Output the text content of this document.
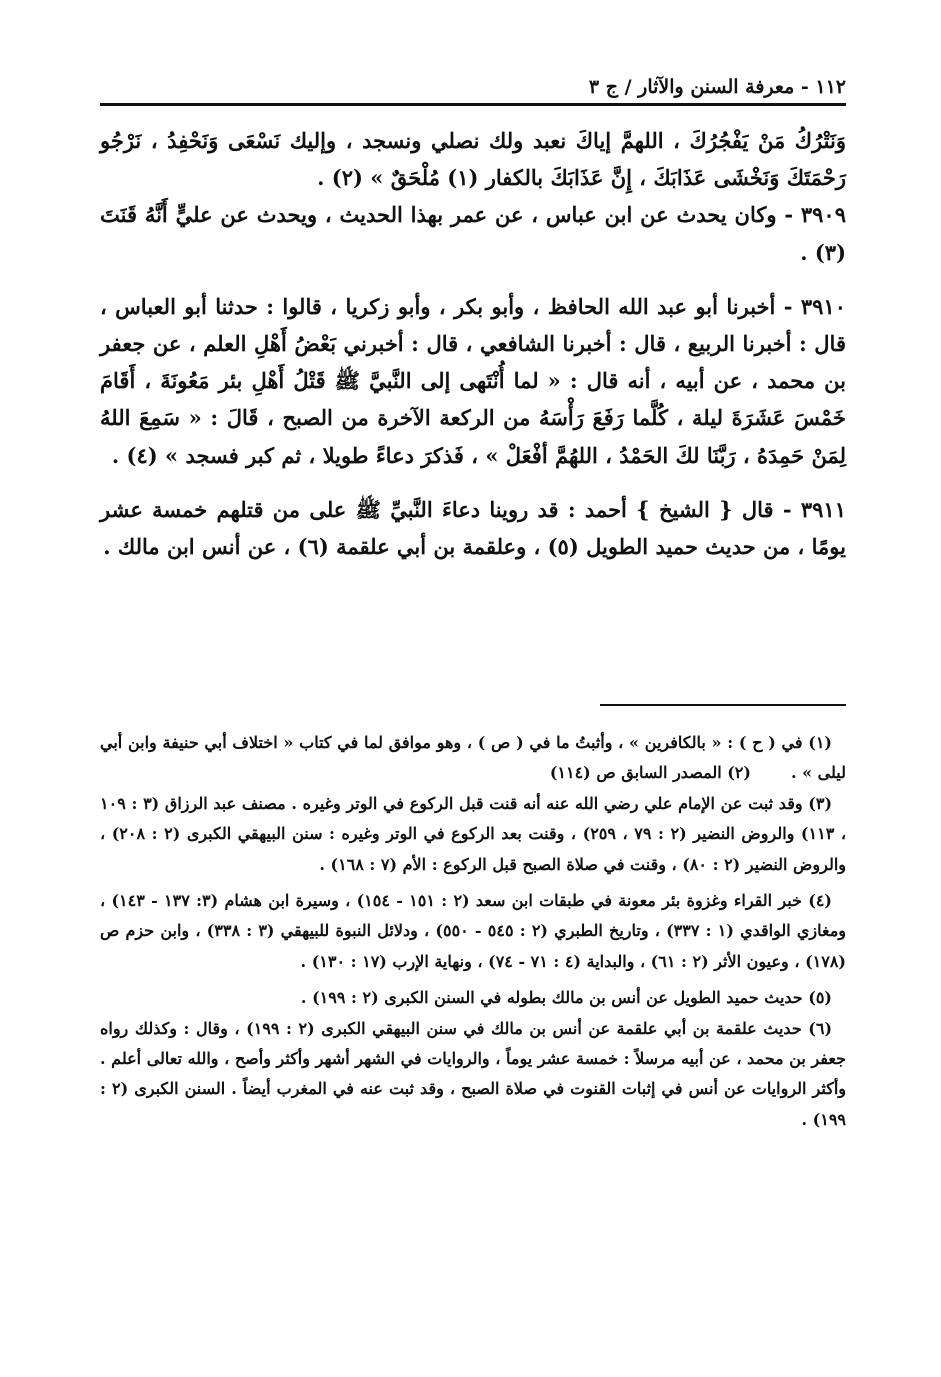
١١٢ - معرفة السنن والآثار / ج ٣

وَنَتْرُكُ مَنْ يَفْجُرُكَ ، اللهمَّ إياكَ نعبد ولك نصلي ونسجد ، وإليك نَسْعَى وَنَحْفِدُ ، نَرْجُو رَحْمَتَكَ وَنَخْشَى عَذَابَكَ ، إِنَّ عَذَابَكَ بالكفار (١) مُلْحَقٌ » (٢) .

٣٩٠٩ - وكان يحدث عن ابن عباس ، عن عمر بهذا الحديث ، ويحدث عن عليٍّ أَنَّهُ قَنَتَ (٣) .

٣٩١٠ - أخبرنا أبو عبد الله الحافظ ، وأبو بكر ، وأبو زكريا ، قالوا : حدثنا أبو العباس ، قال : أخبرنا الربيع ، قال : أخبرنا الشافعي ، قال : أخبرني بَعْضُ أَهْلِ العلم ، عن جعفر بن محمد ، عن أبيه ، أنه قال : « لما أُنْتَهى إلى النَّبيَّ ﷺ قَتْلُ أَهْلِ بئر مَعُونَةَ ، أَقَامَ خَمْسَ عَشَرَةَ ليلة ، كُلَّما رَفَعَ رَأْسَهُ من الركعة الآخرة من الصبح ، قَالَ : « سَمِعَ اللهُ لِمَنْ حَمِدَهُ ، رَبَّنَا لكَ الحَمْدُ ، اللهُمَّ أفْعَلْ » ، فَذكرَ دعاءً طويلا ، ثم كبر فسجد » (٤) .

٣٩١١ - قال { الشيخ } أحمد : قد روينا دعاءَ النَّبيِّ ﷺ على من قتلهم خمسة عشر يومًا ، من حديث حميد الطويل (٥) ، وعلقمة بن أبي علقمة (٦) ، عن أنس ابن مالك .

(١) في ( ح ) : « بالكافرين » ، وأثبتُ ما في ( ص ) ، وهو موافق لما في كتاب « اختلاف أبي حنيفة وابن أبي ليلى » .(٢) المصدر السابق ص (١١٤)

(٣) وقد ثبت عن الإمام علي رضي الله عنه أنه قنت قبل الركوع في الوتر وغيره . مصنف عبد الرزاق (٣ : ١٠٩ ، ١١٣) والروض النضير (٢ : ٧٩ ، ٢٥٩) ، وقنت بعد الركوع في الوتر وغيره : سنن البيهقي الكبرى (٢ : ٢٠٨) ، والروض النضير (٢ : ٨٠) ، وقنت في صلاة الصبح قبل الركوع : الأم (٧ : ١٦٨) .

(٤) خبر القراء وغزوة بئر معونة في طبقات ابن سعد (٢ : ١٥١ - ١٥٤) ، وسيرة ابن هشام (٣: ١٣٧ - ١٤٣) ، ومغازي الواقدي (١ : ٣٣٧) ، وتاريخ الطبري (٢ : ٥٤٥ - ٥٥٠) ، ودلائل النبوة للبيهقي (٣ : ٣٣٨) ، وابن حزم ص (١٧٨) ، وعيون الأثر (٢ : ٦١) ، والبداية (٤ : ٧١ - ٧٤) ، ونهاية الإرب (١٧ : ١٣٠) .

(٥) حديث حميد الطويل عن أنس بن مالك بطوله في السنن الكبرى (٢ : ١٩٩) .

(٦) حديث علقمة بن أبي علقمة عن أنس بن مالك في سنن البيهقي الكبرى (٢ : ١٩٩) ، وقال : وكذلك رواه جعفر بن محمد ، عن أبيه مرسلاً : خمسة عشر يوماً ، والروايات في الشهر أشهر وأكثر وأصح ، والله تعالى أعلم . وأكثر الروايات عن أنس في إثبات القنوت في صلاة الصبح ، وقد ثبت عنه في المغرب أيضاً . السنن الكبرى (٢ : ١٩٩) .
